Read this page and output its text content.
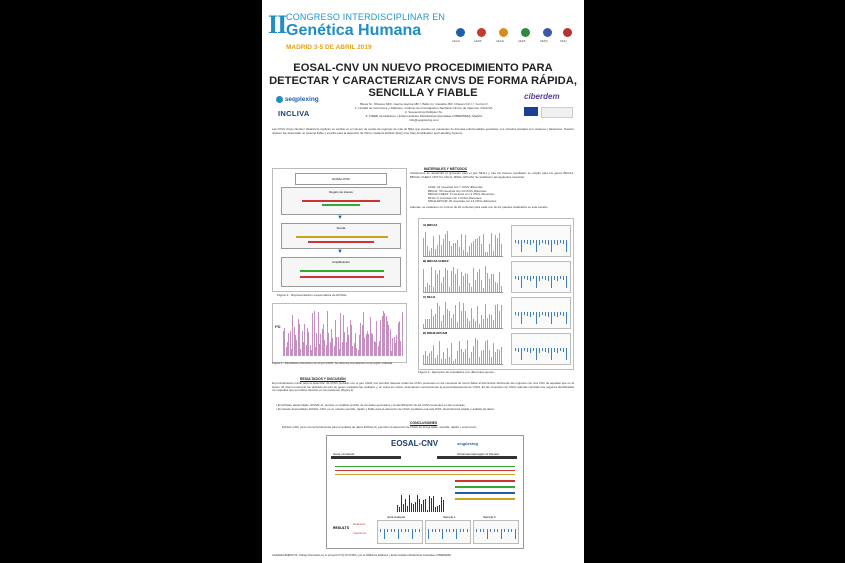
II CONGRESO INTERDISCIPLINAR EN
Genética Humana
MADRID 3-5 DE ABRIL 2019
AEGH	AEDP	AEGH	AEDP	SEPQ	SEIQ
EOSAL-CNV UN NUEVO PROCEDIMIENTO PARA
DETECTAR Y CARACTERIZAR CNVS DE FORMA RÁPIDA,
SENCILLA Y FIABLE
seqplexing
INCLIVA
ciberdem
Blesa S¹, Olivares MD², García-García AB¹,³, Ballo G¹, Castella JM², Chaves FJ¹,²,³, Ivorra C²
1: Unidad de Genómica y Diabetes. Instituto de Investigación Sanitaria Clínico de Valencia. INCLIVA.
2: Sequencing Multiplex SL.
3: CIBER de Diabetes y Enfermedades Metabólicas Asociadas (CIBERDEM), Madrid.
info@seqplexing.com
Las CNVs (Copy Number Variations) implican un cambio en el número de copias de regiones de más de 50bp que pueden ser causantes de diversas enfermedades genéticas. Los métodos actuales son costosos y laboriosos. Nuestro objetivo fue desarrollar un sistema fiable y sencillo para la detección de CNVs mediante EOSAL (Easy One Step Amplification and Labelling System).
EOSAL-PCR
Región de interés
▼
Sonda
▼
Amplificación
Figura 1.- Representación esquemática de EOSAL.
PD
Figura 2.- Resultados obtenidos con el gen LDLR. Se observa una deleción en la región indicada.
MATERIALES Y MÉTODOS
Inicialmente se desarrolló el protocolo para el gen MLH1 y tras los buenos resultados se amplió para los genes BRCA1, BRCA2, CHEK2, MUTYH, MLH1, MSH2, EPCAM. Se analizaron las siguientes muestras:
LDLR: 24 muestras con 7 CNVs diferentes.
BRCA1: 56 muestras con 14 CNVs diferentes.
BRCA2-CHEK2: 6 muestras con 4 CNVs diferentes.
MLH1: 6 muestras con 2 CNVs diferentes.
MSH2-EPCAM: 20 muestras con 13 CNVs diferentes.
Además, se evaluaron un mínimo de 20 controles para cada uno de los paneles analizados en este estudio.
A) BRCA1
B) BRCA2-CHEK2
C) MLH1
D) MSH2-EPCAM
Figura 3.- Ejemplos de resultados con diferentes genes.
RESULTADOS Y DISCUSIÓN
El procedimiento inicial para la detección de CNVs probado con el gen LDLR nos permitió detectar todas las CNVs presentes en las muestras de forma fiable al discriminar fácilmente las regiones con una CNV de aquellas que no la tienen. El mismo protocolo fue aplicado al resto de genes mediante las multiplex y, en todos los casos, detectamos correctamente la presencia/ausencia de CNVs. En las muestras con CNVs además coinciden las regiones identificadas con aquellas que se habían descrito en los pacientes (Figura 3).
• El software desarrollado, EOSAL-R, permite un análisis sencillo de los datos generados y la identificación de las CNVs presentes en las muestras.
• El método desarrollado, EOSAL-CNV, es un método sencillo, rápido y fiable para la detección de CNVs mediante una sola PCR, electroforesis capilar y análisis de datos.
CONCLUSIONES
EOSAL-CNV, junto con la herramienta para el análisis de datos EOSAL-R, permiten la detección de CNVs de forma fiable, sencilla, rápida y económica.
EOSAL-CNV	seqplexing
Gene of interest	Chromosomal region of interest
RESULTS
Deletions
Insertions
Joint Analysis	Sample 1	Sample 2
AGRADECIMIENTOS: Trabajo financiado por el proyecto PTQ-15-07384 y por el CIBER de Diabetes y Enfermedades Metabólicas Asociadas (CIBERDEM).
